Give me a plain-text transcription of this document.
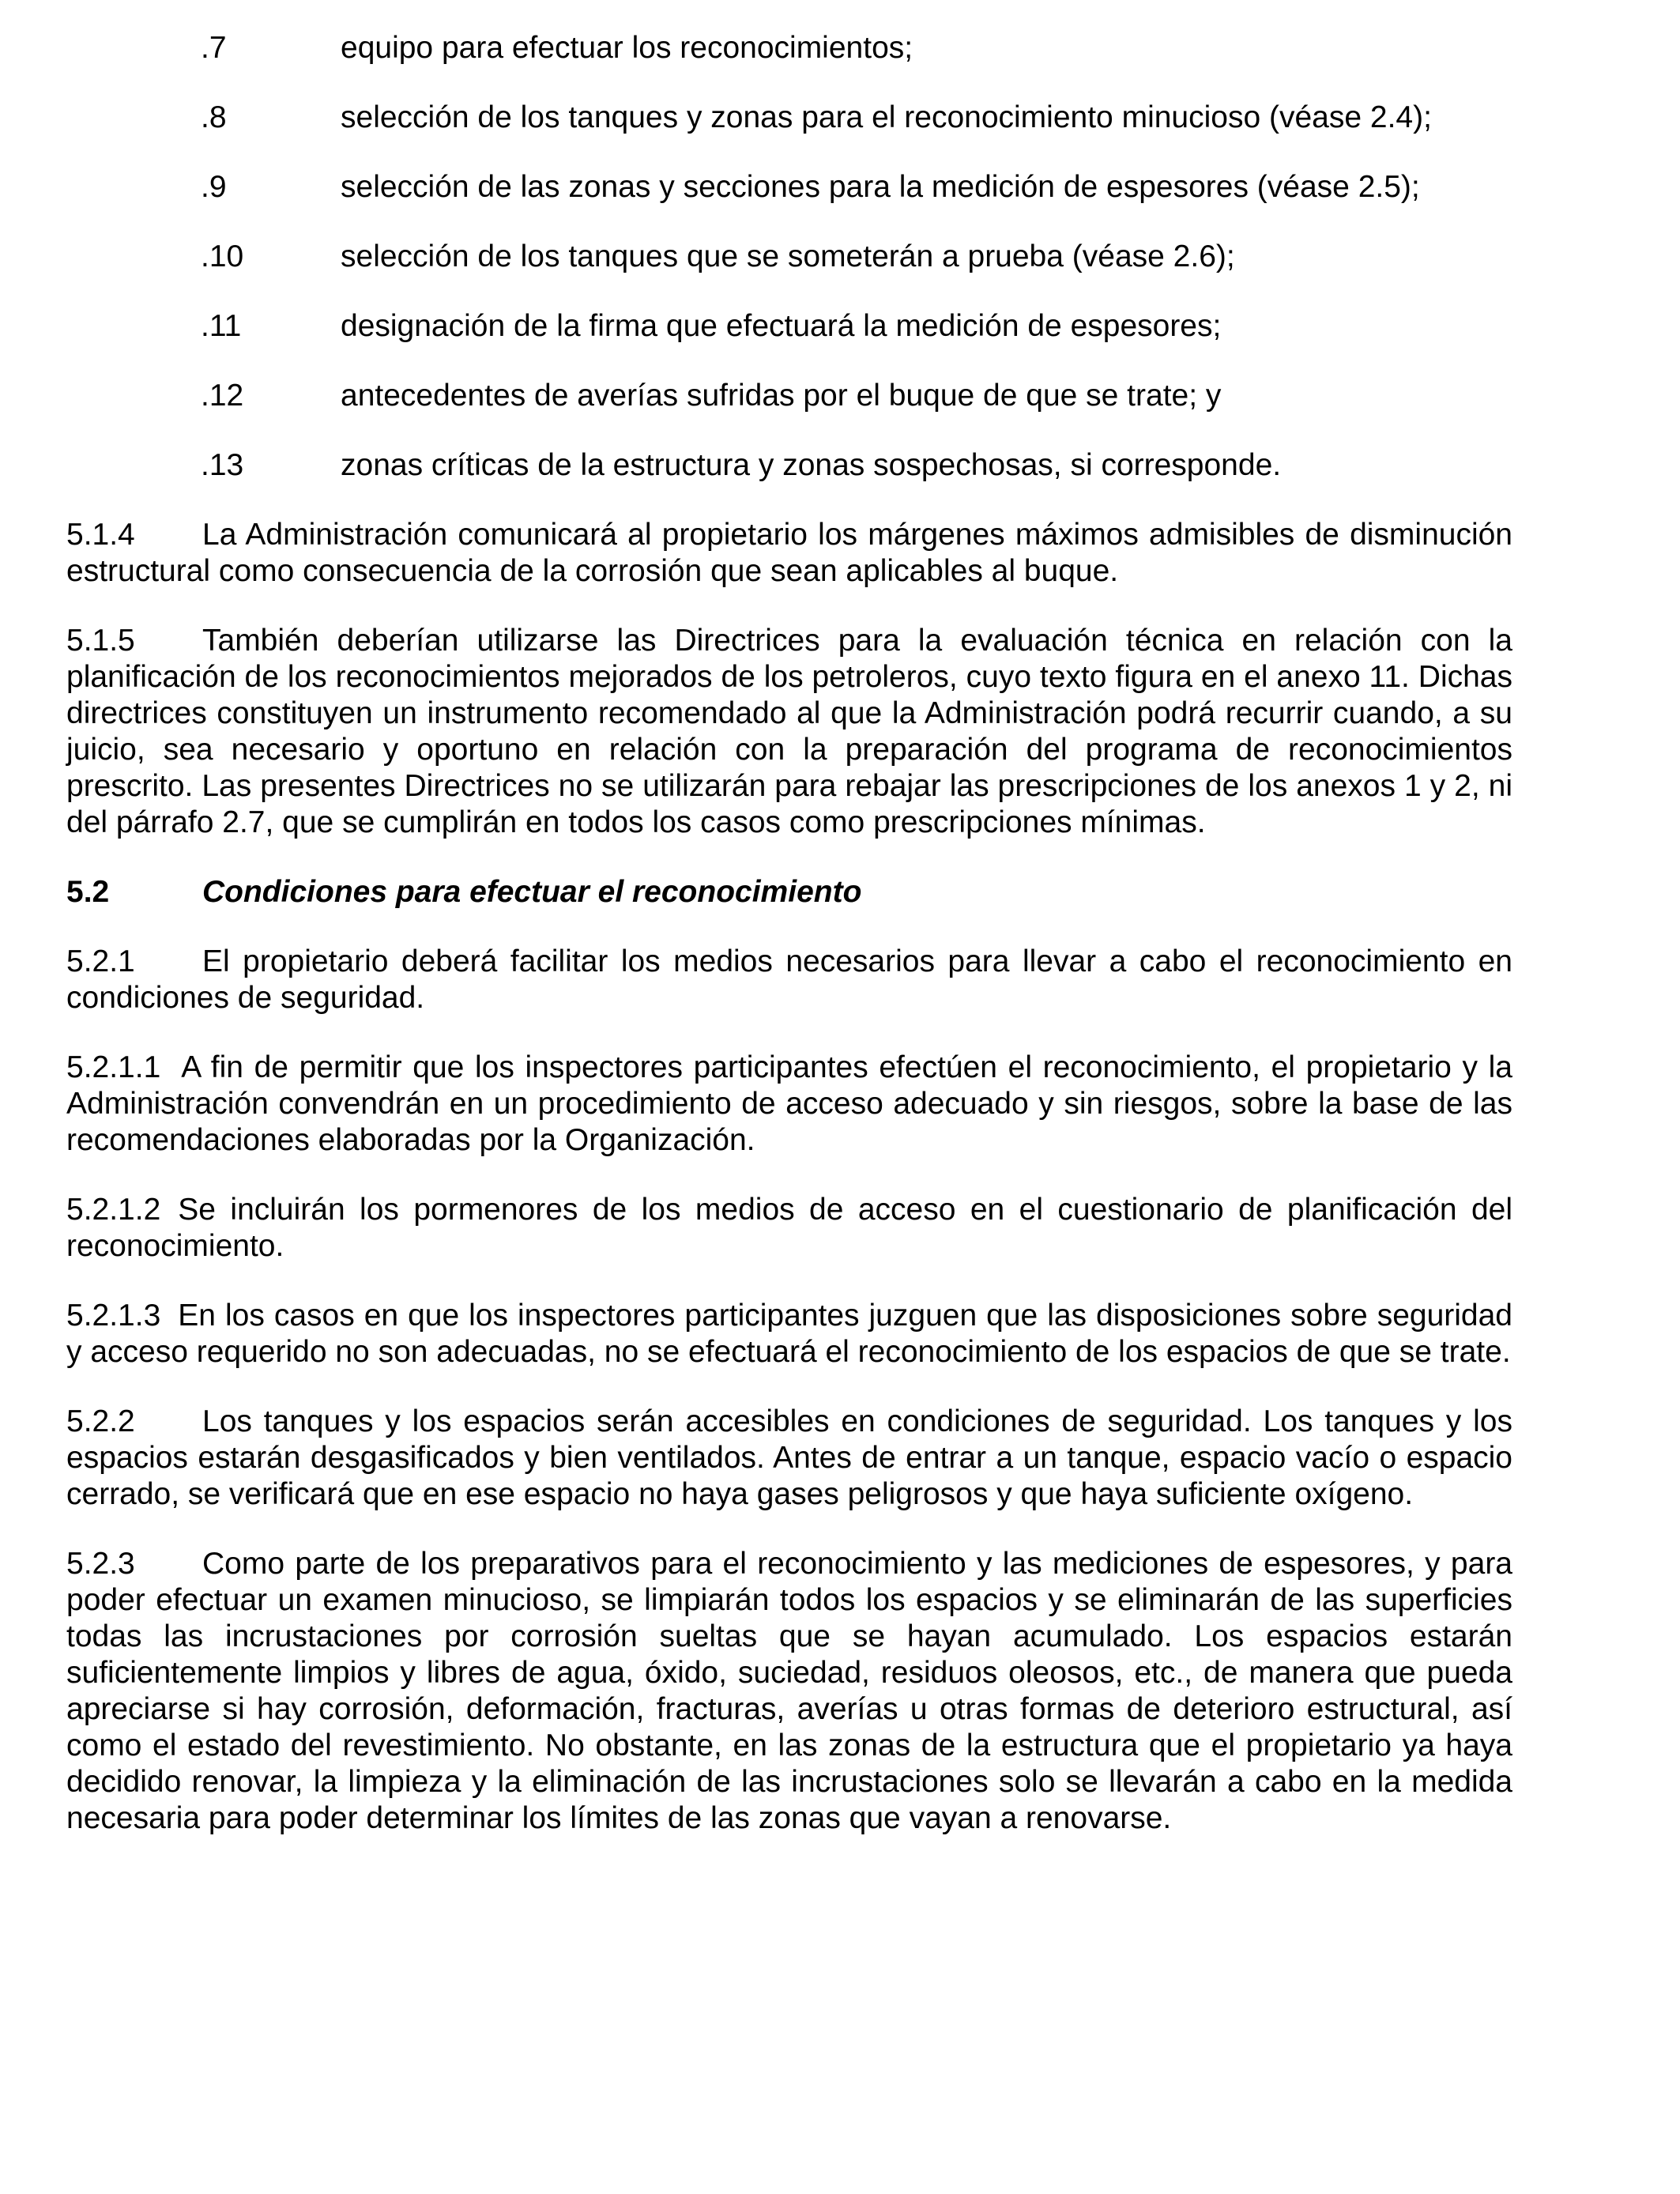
.7	equipo para efectuar los reconocimientos;
.8	selección de los tanques y zonas para el reconocimiento minucioso (véase 2.4);
.9	selección de las zonas y secciones para la medición de espesores (véase 2.5);
.10	selección de los tanques que se someterán a prueba (véase 2.6);
.11	designación de la firma que efectuará la medición de espesores;
.12	antecedentes de averías sufridas por el buque de que se trate; y
.13	zonas críticas de la estructura y zonas sospechosas, si corresponde.

5.1.4 La Administración comunicará al propietario los márgenes máximos admisibles de disminución estructural como consecuencia de la corrosión que sean aplicables al buque.

5.1.5 También deberían utilizarse las Directrices para la evaluación técnica en relación con la planificación de los reconocimientos mejorados de los petroleros, cuyo texto figura en el anexo 11. Dichas directrices constituyen un instrumento recomendado al que la Administración podrá recurrir cuando, a su juicio, sea necesario y oportuno en relación con la preparación del programa de reconocimientos prescrito. Las presentes Directrices no se utilizarán para rebajar las prescripciones de los anexos 1 y 2, ni del párrafo 2.7, que se cumplirán en todos los casos como prescripciones mínimas.

5.2	Condiciones para efectuar el reconocimiento

5.2.1 El propietario deberá facilitar los medios necesarios para llevar a cabo el reconocimiento en condiciones de seguridad.

5.2.1.1 A fin de permitir que los inspectores participantes efectúen el reconocimiento, el propietario y la Administración convendrán en un procedimiento de acceso adecuado y sin riesgos, sobre la base de las recomendaciones elaboradas por la Organización.

5.2.1.2 Se incluirán los pormenores de los medios de acceso en el cuestionario de planificación del reconocimiento.

5.2.1.3 En los casos en que los inspectores participantes juzguen que las disposiciones sobre seguridad y acceso requerido no son adecuadas, no se efectuará el reconocimiento de los espacios de que se trate.

5.2.2 Los tanques y los espacios serán accesibles en condiciones de seguridad. Los tanques y los espacios estarán desgasificados y bien ventilados. Antes de entrar a un tanque, espacio vacío o espacio cerrado, se verificará que en ese espacio no haya gases peligrosos y que haya suficiente oxígeno.

5.2.3 Como parte de los preparativos para el reconocimiento y las mediciones de espesores, y para poder efectuar un examen minucioso, se limpiarán todos los espacios y se eliminarán de las superficies todas las incrustaciones por corrosión sueltas que se hayan acumulado. Los espacios estarán suficientemente limpios y libres de agua, óxido, suciedad, residuos oleosos, etc., de manera que pueda apreciarse si hay corrosión, deformación, fracturas, averías u otras formas de deterioro estructural, así como el estado del revestimiento. No obstante, en las zonas de la estructura que el propietario ya haya decidido renovar, la limpieza y la eliminación de las incrustaciones solo se llevarán a cabo en la medida necesaria para poder determinar los límites de las zonas que vayan a renovarse.
